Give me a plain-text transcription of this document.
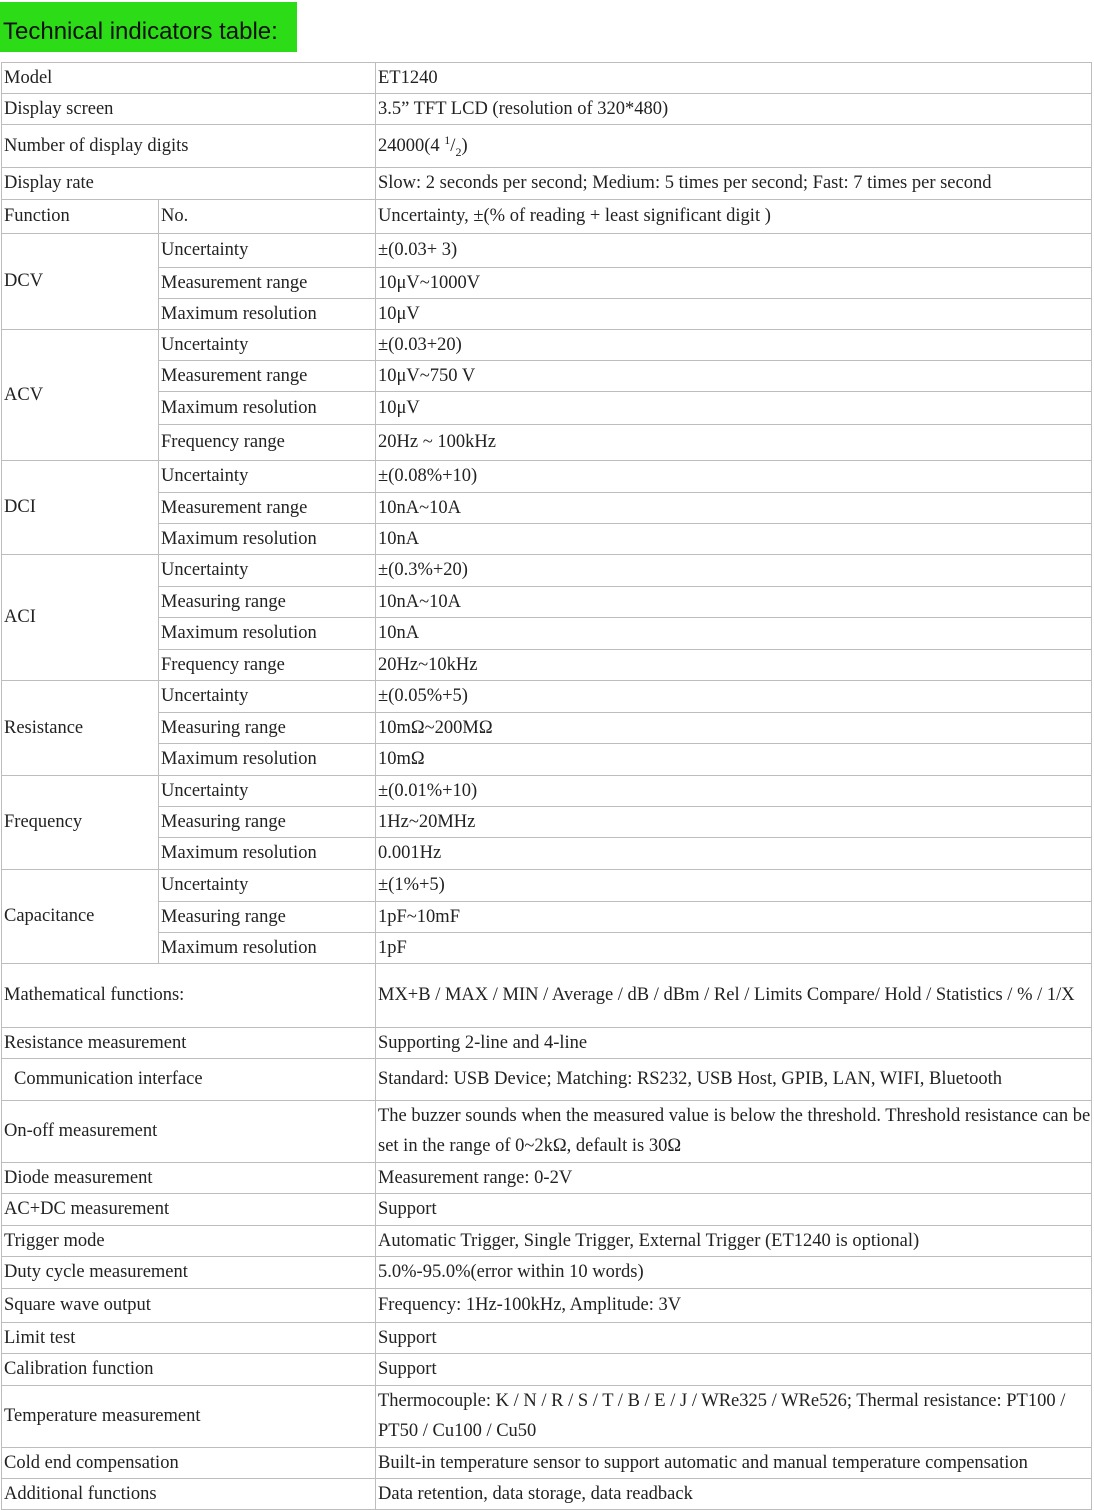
Technical indicators table:
Model		ET1240
Display screen		3.5” TFT LCD (resolution of 320*480)
Number of display digits		24000(4 $^1/_2$)
Display rate		Slow: 2 seconds per second; Medium: 5 times per second; Fast: 7 times per second
Function	No.	Uncertainty, ±(% of reading + least significant digit )
DCV	Uncertainty	±(0.03+ 3)
	Measurement range	10μV~1000V
	Maximum resolution	10μV
ACV	Uncertainty	±(0.03+20)
	Measurement range	10μV~750 V
	Maximum resolution	10μV
	Frequency range	20Hz ~ 100kHz
DCI	Uncertainty	±(0.08%+10)
	Measurement range	10nA~10A
	Maximum resolution	10nA
ACI	Uncertainty	±(0.3%+20)
	Measuring range	10nA~10A
	Maximum resolution	10nA
	Frequency range	20Hz~10kHz
Resistance	Uncertainty	±(0.05%+5)
	Measuring range	10mΩ~200MΩ
	Maximum resolution	10mΩ
Frequency	Uncertainty	±(0.01%+10)
	Measuring range	1Hz~20MHz
	Maximum resolution	0.001Hz
Capacitance	Uncertainty	±(1%+5)
	Measuring range	1pF~10mF
	Maximum resolution	1pF
Mathematical functions:		MX+B / MAX / MIN / Average / dB / dBm / Rel / Limits Compare/ Hold / Statistics / % / 1/X
Resistance measurement		Supporting 2-line and 4-line
Communication interface		Standard: USB Device; Matching: RS232, USB Host, GPIB, LAN, WIFI, Bluetooth
On-off measurement		The buzzer sounds when the measured value is below the threshold. Threshold resistance can be set in the range of 0~2kΩ, default is 30Ω
Diode measurement		Measurement range: 0-2V
AC+DC measurement		Support
Trigger mode		Automatic Trigger, Single Trigger, External Trigger (ET1240 is optional)
Duty cycle measurement		5.0%-95.0%(error within 10 words)
Square wave output		Frequency: 1Hz-100kHz, Amplitude: 3V
Limit test		Support
Calibration function		Support
Temperature measurement		Thermocouple: K / N / R / S / T / B / E / J / WRe325 / WRe526; Thermal resistance: PT100 / PT50 / Cu100 / Cu50
Cold end compensation		Built-in temperature sensor to support automatic and manual temperature compensation
Additional functions		Data retention, data storage, data readback
